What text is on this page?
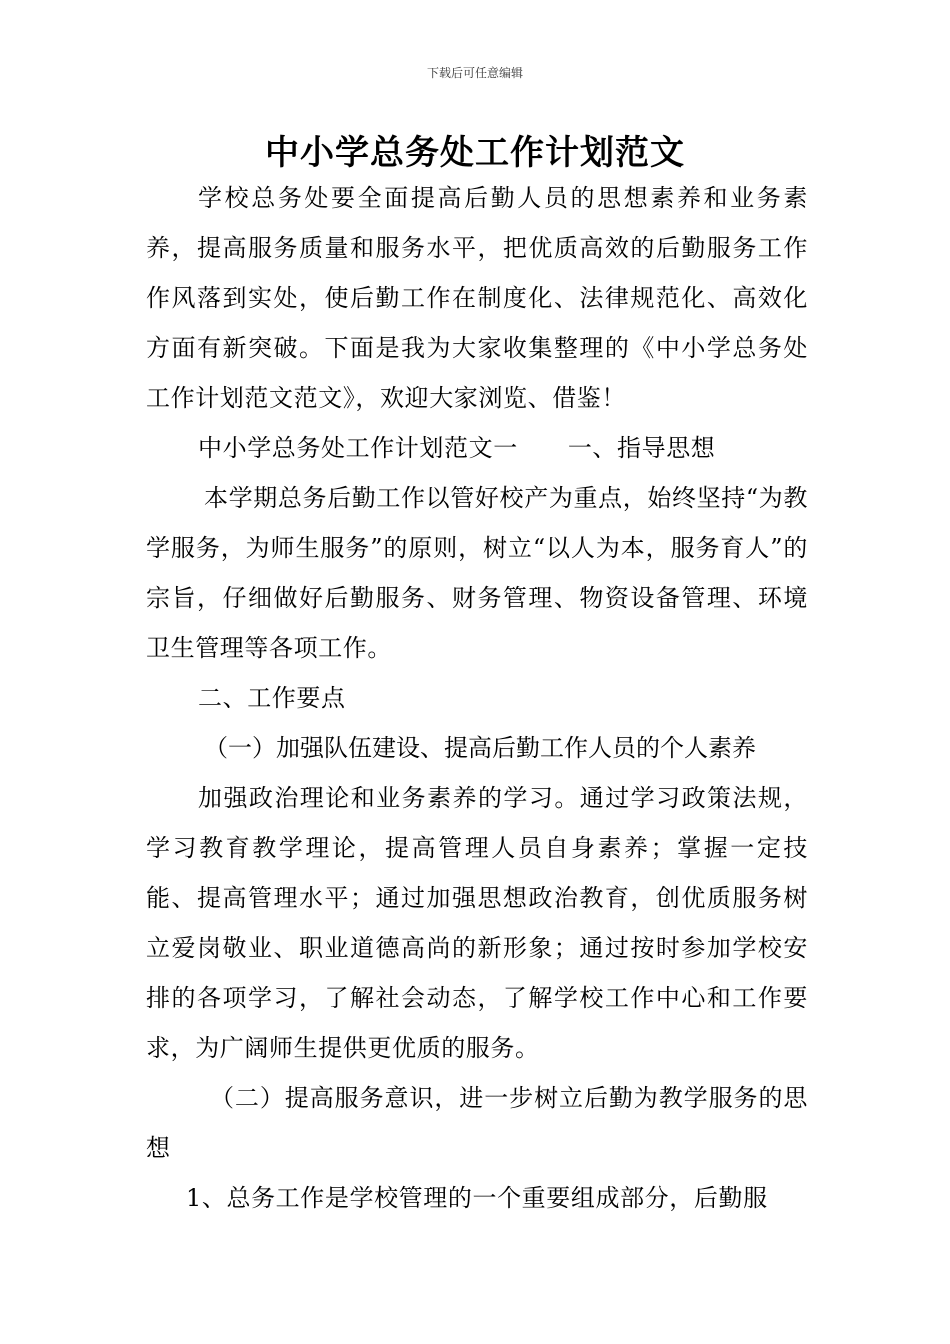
下载后可任意编辑
中小学总务处工作计划范文

学校总务处要全面提高后勤人员的思想素养和业务素养，提高服务质量和服务水平，把优质高效的后勤服务工作作风落到实处，使后勤工作在制度化、法律规范化、高效化方面有新突破。下面是我为大家收集整理的《中小学总务处工作计划范文范文》，欢迎大家浏览、借鉴！

中小学总务处工作计划范文一 一、指导思想

本学期总务后勤工作以管好校产为重点，始终坚持“为教学服务，为师生服务”的原则，树立“以人为本，服务育人”的宗旨，仔细做好后勤服务、财务管理、物资设备管理、环境卫生管理等各项工作。

二、工作要点

（一）加强队伍建设、提高后勤工作人员的个人素养

加强政治理论和业务素养的学习。通过学习政策法规，学习教育教学理论，提高管理人员自身素养；掌握一定技能、提高管理水平；通过加强思想政治教育，创优质服务树立爱岗敬业、职业道德高尚的新形象；通过按时参加学校安排的各项学习，了解社会动态，了解学校工作中心和工作要求，为广阔师生提供更优质的服务。

（二）提高服务意识，进一步树立后勤为教学服务的思想

1、总务工作是学校管理的一个重要组成部分，后勤服
